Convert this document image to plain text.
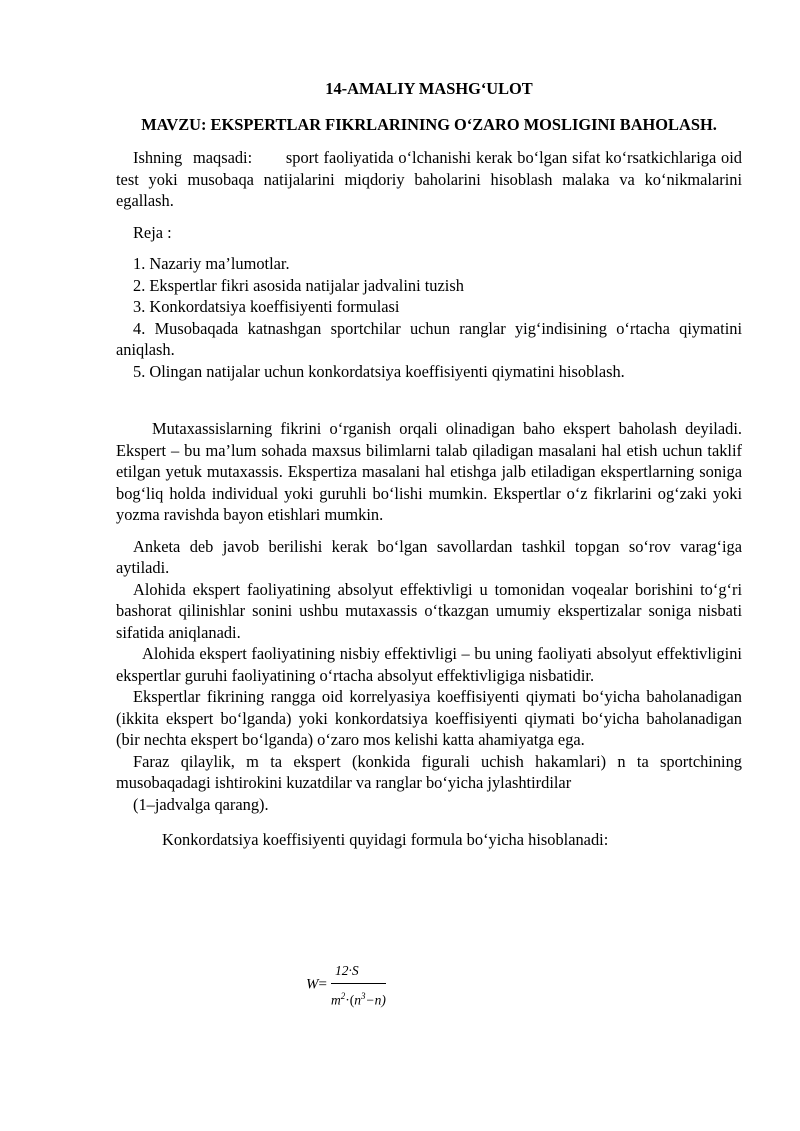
14-AMALIY MASHG‘ULOT
MAVZU: EKSPERTLAR FIKRLARINING O‘ZARO MOSLIGINI BAHOLASH.

Ishning maqsadi: sport faoliyatida o‘lchanishi kerak bo‘lgan sifat ko‘rsatkichlariga oid test yoki musobaqa natijalarini miqdoriy baholarini hisoblash malaka va ko‘nikmalarini egallash.

Reja :

1. Nazariy ma’lumotlar.
2. Ekspertlar fikri asosida natijalar jadvalini tuzish
3. Konkordatsiya koeffisiyenti formulasi
4. Musobaqada katnashgan sportchilar uchun ranglar yig‘indisining o‘rtacha qiymatini aniqlash.
5. Olingan natijalar uchun konkordatsiya koeffisiyenti qiymatini hisoblash.

Mutaxassislarning fikrini o‘rganish orqali olinadigan baho ekspert baholash deyiladi. Ekspert – bu ma’lum sohada maxsus bilimlarni talab qiladigan masalani hal etish uchun taklif etilgan yetuk mutaxassis. Ekspertiza masalani hal etishga jalb etiladigan ekspertlarning soniga bog‘liq holda individual yoki guruhli bo‘lishi mumkin. Ekspertlar o‘z fikrlarini og‘zaki yoki yozma ravishda bayon etishlari mumkin.

Anketa deb javob berilishi kerak bo‘lgan savollardan tashkil topgan so‘rov varag‘iga aytiladi.

Alohida ekspert faoliyatining absolyut effektivligi u tomonidan voqealar borishini to‘g‘ri bashorat qilinishlar sonini ushbu mutaxassis o‘tkazgan umumiy ekspertizalar soniga nisbati sifatida aniqlanadi.

Alohida ekspert faoliyatining nisbiy effektivligi – bu uning faoliyati absolyut effektivligini ekspertlar guruhi faoliyatining o‘rtacha absolyut effektivligiga nisbatidir.

Ekspertlar fikrining rangga oid korrelyasiya koeffisiyenti qiymati bo‘yicha baholanadigan (ikkita ekspert bo‘lganda) yoki konkordatsiya koeffisiyenti qiymati bo‘yicha baholanadigan (bir nechta ekspert bo‘lganda) o‘zaro mos kelishi katta ahamiyatga ega.

Faraz qilaylik, m ta ekspert (konkida figurali uchish hakamlari) n ta sportchining musobaqadagi ishtirokini kuzatdilar va ranglar bo‘yicha jylashtirdilar

(1–jadvalga qarang).

Konkordatsiya koeffisiyenti quyidagi formula bo‘yicha hisoblanadi:

$W= \frac{12\cdot S}{m^2\cdot(n^3-n)}$
